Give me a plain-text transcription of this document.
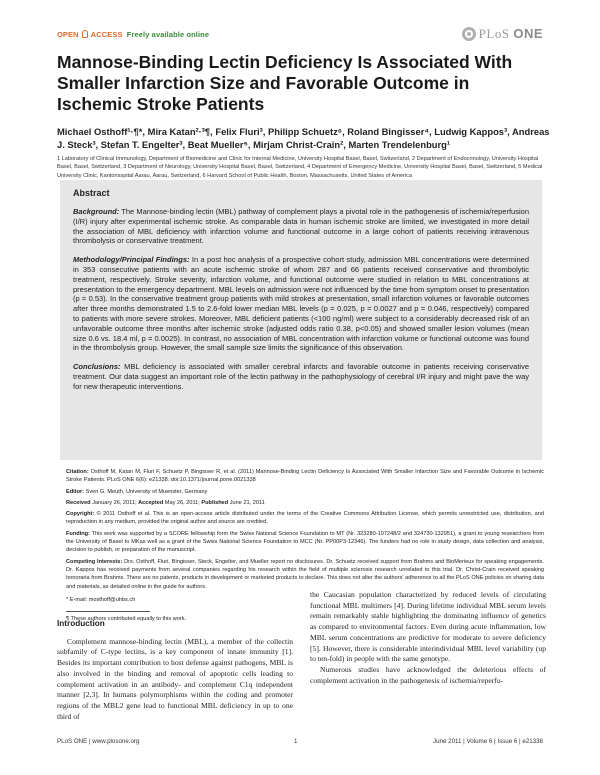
OPEN ACCESS Freely available online	PLoS ONE
Mannose-Binding Lectin Deficiency Is Associated With Smaller Infarction Size and Favorable Outcome in Ischemic Stroke Patients
Michael Osthoff¹·¶*, Mira Katan²·³¶, Felix Fluri³, Philipp Schuetz⁶, Roland Bingisser⁴, Ludwig Kappos³, Andreas J. Steck³, Stefan T. Engelter³, Beat Mueller⁵, Mirjam Christ-Crain², Marten Trendelenburg¹
1 Laboratory of Clinical Immunology, Department of Biomedicine and Clinic for Internal Medicine, University Hospital Basel, Basel, Switzerland, 2 Department of Endocrinology, University Hospital Basel, Basel, Switzerland, 3 Department of Neurology, University Hospital Basel, Basel, Switzerland, 4 Department of Emergency Medicine, University Hospital Basel, Basel, Switzerland, 5 Medical University Clinic, Kantonsspital Aarau, Aarau, Switzerland, 6 Harvard School of Public Health, Boston, Massachusetts, United States of America
Abstract

Background: The Mannose-binding lectin (MBL) pathway of complement plays a pivotal role in the pathogenesis of ischemia/reperfusion (I/R) injury after experimental ischemic stroke. As comparable data in human ischemic stroke are limited, we investigated in more detail the association of MBL deficiency with infarction volume and functional outcome in a large cohort of patients receiving intravenous thrombolysis or conservative treatment.

Methodology/Principal Findings: In a post hoc analysis of a prospective cohort study, admission MBL concentrations were determined in 353 consecutive patients with an acute ischemic stroke of whom 287 and 66 patients received conservative and thrombolytic treatment, respectively. Stroke severity, infarction volume, and functional outcome were studied in relation to MBL concentrations at presentation to the emergency department. MBL levels on admission were not influenced by the time from symptom onset to presentation (p = 0.53). In the conservative treatment group patients with mild strokes at presentation, small infarction volumes or favorable outcomes after three months demonstrated 1.5 to 2.6-fold lower median MBL levels (p = 0.025, p = 0.0027 and p = 0.046, respectively) compared to patients with more severe strokes. Moreover, MBL deficient patients (<100 ng/ml) were subject to a considerably decreased risk of an unfavorable outcome three months after ischemic stroke (adjusted odds ratio 0.38, p<0.05) and showed smaller lesion volumes (mean size 0.6 vs. 18.4 ml, p = 0.0025). In contrast, no association of MBL concentration with infarction volume or functional outcome was found in the thrombolysis group. However, the small sample size limits the significance of this observation.

Conclusions: MBL deficiency is associated with smaller cerebral infarcts and favorable outcome in patients receiving conservative treatment. Our data suggest an important role of the lectin pathway in the pathophysiology of cerebral I/R injury and might pave the way for new therapeutic interventions.

Citation: Osthoff M, Katan M, Fluri F, Schuetz P, Bingisser R, et al. (2011) Mannose-Binding Lectin Deficiency Is Associated With Smaller Infarction Size and Favorable Outcome in Ischemic Stroke Patients. PLoS ONE 6(6): e21338. doi:10.1371/journal.pone.0021338

Editor: Sven G. Meuth, University of Muenster, Germany

Received January 26, 2011; Accepted May 26, 2011; Published June 21, 2011

Copyright: © 2011 Osthoff et al. This is an open-access article distributed under the terms of the Creative Commons Attribution License, which permits unrestricted use, distribution, and reproduction in any medium, provided the original author and source are credited.

Funding: This work was supported by a SCORE fellowship form the Swiss National Science Foundation to MT (Nr. 323280-107248/2 and 324730-132951), a grant to young researchers from the University of Basel to MKas well as a grant of the Swiss National Science Foundation to MCC (Nr. PP00P3-12346). The funders had no role in study design, data collection and analysis, decision to publish, or preparation of the manuscript.

Competing Interests: Drs. Osthoff, Fluri, Bingisser, Steck, Engelter, and Mueller report no disclosures. Dr. Schuetz received support from Brahms and BioMerieux for speaking engagements. Dr. Kappos has received payments from several companies regarding his research within the field of multiple sclerosis research unrelated to this trial. Dr. Christ-Crain received speaking honoraria from Brahms. There are no patents, products in development or marketed products to declare. This does not alter the authors' adherence to all the PLoS ONE policies on sharing data and materials, as detailed online in the guide for authors.

* E-mail: mosthoff@uhbs.ch

¶ These authors contributed equally to this work.

Introduction

Complement mannose-binding lectin (MBL), a member of the collectin subfamily of C-type lectins, is a key component of innate immunity [1]. Besides its important contribution to host defense against pathogens, MBL is also involved in the binding and removal of apoptotic cells leading to complement activation in an antibody- and complement C1q independent manner [2,3]. In humans polymorphisms within the coding and promoter regions of the MBL2 gene lead to functional MBL deficiency in up to one third of

the Caucasian population characterized by reduced levels of circulating functional MBL multimers [4]. During lifetime individual MBL serum levels remain remarkably stable highlighting the dominating influence of genetics as compared to environmental factors. Even during acute inflammation, low MBL serum concentrations are predictive for moderate to severe deficiency [5]. However, there is considerable interindividual MBL level variability (up to ten-fold) in people with the same genotype.

Numerous studies have acknowledged the deleterious effects of complement activation in the pathogenesis of ischemia/reperfu-

PLoS ONE | www.plosone.org	1	June 2011 | Volume 6 | Issue 6 | e21338
